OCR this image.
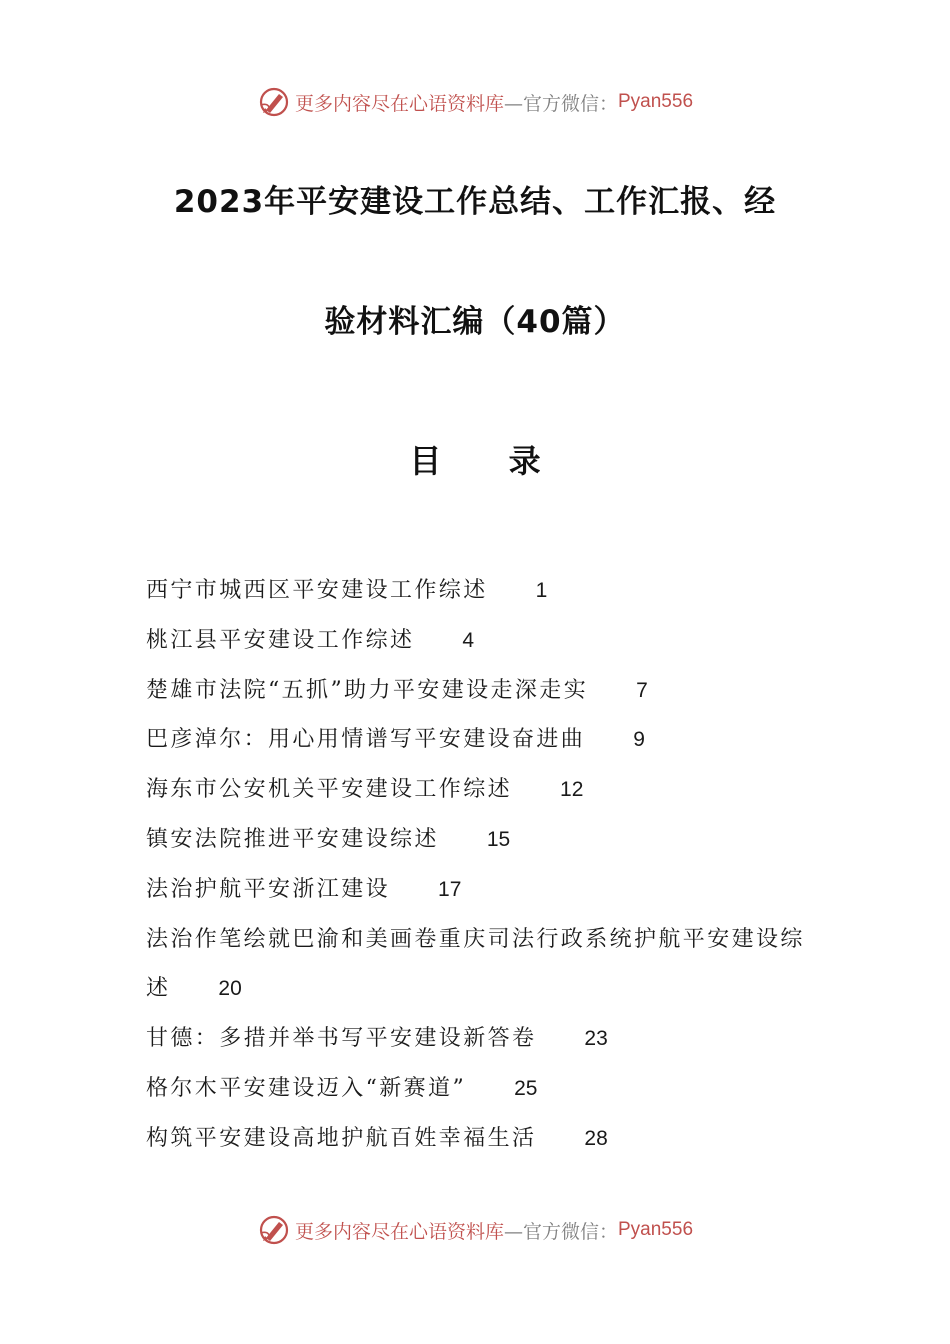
更多内容尽在心语资料库 —官方微信： Pyan556
2023年平安建设工作总结、工作汇报、经
验材料汇编（40篇）
目 录
西宁市城西区平安建设工作综述 1
桃江县平安建设工作综述 4
楚雄市法院“五抓”助力平安建设走深走实 7
巴彦淖尔：用心用情谱写平安建设奋进曲 9
海东市公安机关平安建设工作综述 12
镇安法院推进平安建设综述 15
法治护航平安浙江建设 17
法治作笔绘就巴渝和美画卷重庆司法行政系统护航平安建设综述 20
甘德：多措并举书写平安建设新答卷 23
格尔木平安建设迈入“新赛道” 25
构筑平安建设高地护航百姓幸福生活 28
更多内容尽在心语资料库 —官方微信： Pyan556
